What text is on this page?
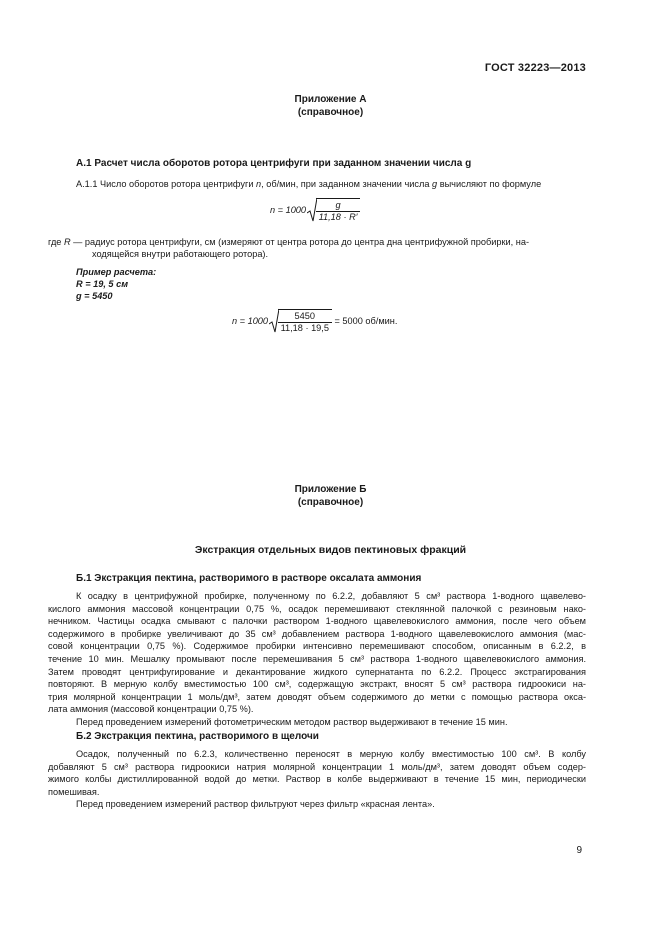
ГОСТ 32223—2013
Приложение А
(справочное)
А.1 Расчет числа оборотов ротора центрифуги при заданном значении числа g
А.1.1 Число оборотов ротора центрифуги n, об/мин, при заданном значении числа g вычисляют по формуле
$n = 1000 \frac{g}{11,18 \cdot R'}$
где R — радиус ротора центрифуги, см (измеряют от центра ротора до центра дна центрифужной пробирки, на-
ходящейся внутри работающего ротора).
Пример расчета:
R = 19, 5 см
g = 5450
$n = 1000 \frac{5450}{11,18 \cdot 19,5} = 5000$ об/мин.
Приложение Б
(справочное)
Экстракция отдельных видов пектиновых фракций
Б.1 Экстракция пектина, растворимого в растворе оксалата аммония
К осадку в центрифужной пробирке, полученному по 6.2.2, добавляют 5 см³ раствора 1-водного щавелево-
кислого аммония массовой концентрации 0,75 %, осадок перемешивают стеклянной палочкой с резиновым нако-
нечником. Частицы осадка смывают с палочки раствором 1-водного щавелевокислого аммония, после чего объем
содержимого в пробирке увеличивают до 35 см³ добавлением раствора 1-водного щавелевокислого аммония (мас-
совой концентрации 0,75 %). Содержимое пробирки интенсивно перемешивают способом, описанным в 6.2.2, в
течение 10 мин. Мешалку промывают после перемешивания 5 см³ раствора 1-водного щавелевокислого аммония.
Затем проводят центрифугирование и декантирование жидкого супернатанта по 6.2.2. Процесс экстрагирования
повторяют. В мерную колбу вместимостью 100 см³, содержащую экстракт, вносят 5 см³ раствора гидроокиси на-
трия молярной концентрации 1 моль/дм³, затем доводят объем содержимого до метки с помощью раствора окса-
лата аммония (массовой концентрации 0,75 %).
Перед проведением измерений фотометрическим методом раствор выдерживают в течение 15 мин.
Б.2 Экстракция пектина, растворимого в щелочи
Осадок, полученный по 6.2.3, количественно переносят в мерную колбу вместимостью 100 см³. В колбу
добавляют 5 см³ раствора гидроокиси натрия молярной концентрации 1 моль/дм³, затем доводят объем содер-
жимого колбы дистиллированной водой до метки. Раствор в колбе выдерживают в течение 15 мин, периодически
помешивая.
Перед проведением измерений раствор фильтруют через фильтр «красная лента».
9
